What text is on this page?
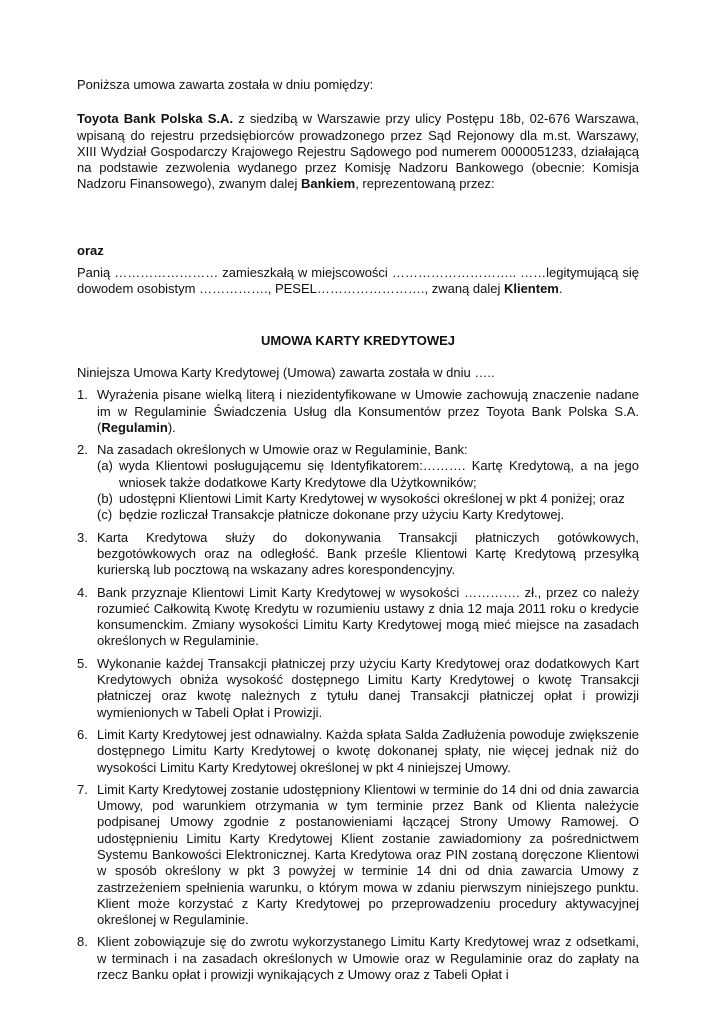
Poniższa umowa zawarta została w dniu pomiędzy:

Toyota Bank Polska S.A. z siedzibą w Warszawie przy ulicy Postępu 18b, 02-676 Warszawa, wpisaną do rejestru przedsiębiorców prowadzonego przez Sąd Rejonowy dla m.st. Warszawy, XIII Wydział Gospodarczy Krajowego Rejestru Sądowego pod numerem 0000051233, działającą na podstawie zezwolenia wydanego przez Komisję Nadzoru Bankowego (obecnie: Komisja Nadzoru Finansowego), zwanym dalej Bankiem, reprezentowaną przez:

oraz

Panią …………………… zamieszkałą w miejscowości ……………………….. ……legitymującą się dowodem osobistym ……………., PESEL……………………., zwaną dalej Klientem.

UMOWA KARTY KREDYTOWEJ

Niniejsza Umowa Karty Kredytowej (Umowa) zawarta została w dniu …..

1. Wyrażenia pisane wielką literą i niezidentyfikowane w Umowie zachowują znaczenie nadane im w Regulaminie Świadczenia Usług dla Konsumentów przez Toyota Bank Polska S.A. (Regulamin).
2. Na zasadach określonych w Umowie oraz w Regulaminie, Bank:
(a) wyda Klientowi posługującemu się Identyfikatorem:………. Kartę Kredytową, a na jego wniosek także dodatkowe Karty Kredytowe dla Użytkowników;
(b) udostępni Klientowi Limit Karty Kredytowej w wysokości określonej w pkt 4 poniżej; oraz
(c) będzie rozliczał Transakcje płatnicze dokonane przy użyciu Karty Kredytowej.
3. Karta Kredytowa służy do dokonywania Transakcji płatniczych gotówkowych, bezgotówkowych oraz na odległość. Bank prześle Klientowi Kartę Kredytową przesyłką kurierską lub pocztową na wskazany adres korespondencyjny.
4. Bank przyznaje Klientowi Limit Karty Kredytowej w wysokości …………. zł., przez co należy rozumieć Całkowitą Kwotę Kredytu w rozumieniu ustawy z dnia 12 maja 2011 roku o kredycie konsumenckim. Zmiany wysokości Limitu Karty Kredytowej mogą mieć miejsce na zasadach określonych w Regulaminie.
5. Wykonanie każdej Transakcji płatniczej przy użyciu Karty Kredytowej oraz dodatkowych Kart Kredytowych obniża wysokość dostępnego Limitu Karty Kredytowej o kwotę Transakcji płatniczej oraz kwotę należnych z tytułu danej Transakcji płatniczej opłat i prowizji wymienionych w Tabeli Opłat i Prowizji.
6. Limit Karty Kredytowej jest odnawialny. Każda spłata Salda Zadłużenia powoduje zwiększenie dostępnego Limitu Karty Kredytowej o kwotę dokonanej spłaty, nie więcej jednak niż do wysokości Limitu Karty Kredytowej określonej w pkt 4 niniejszej Umowy.
7. Limit Karty Kredytowej zostanie udostępniony Klientowi w terminie do 14 dni od dnia zawarcia Umowy, pod warunkiem otrzymania w tym terminie przez Bank od Klienta należycie podpisanej Umowy zgodnie z postanowieniami łączącej Strony Umowy Ramowej. O udostępnieniu Limitu Karty Kredytowej Klient zostanie zawiadomiony za pośrednictwem Systemu Bankowości Elektronicznej. Karta Kredytowa oraz PIN zostaną doręczone Klientowi w sposób określony w pkt 3 powyżej w terminie 14 dni od dnia zawarcia Umowy z zastrzeżeniem spełnienia warunku, o którym mowa w zdaniu pierwszym niniejszego punktu. Klient może korzystać z Karty Kredytowej po przeprowadzeniu procedury aktywacyjnej określonej w Regulaminie.
8. Klient zobowiązuje się do zwrotu wykorzystanego Limitu Karty Kredytowej wraz z odsetkami, w terminach i na zasadach określonych w Umowie oraz w Regulaminie oraz do zapłaty na rzecz Banku opłat i prowizji wynikających z Umowy oraz z Tabeli Opłat i
